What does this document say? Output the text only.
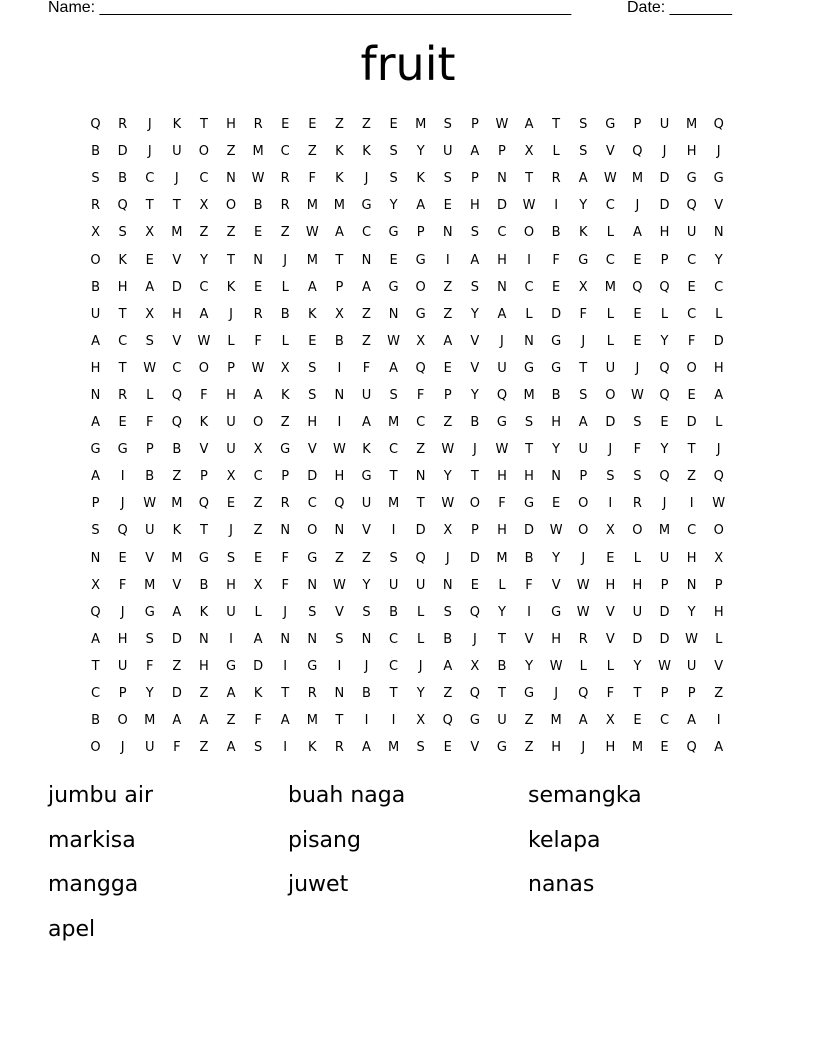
Name: _____________________________________________________	Date: _______
fruit
Q	R	J	K	T	H	R	E	E	Z	Z	E	M	S	P	W	A	T	S	G	P	U	M	Q
B	D	J	U	O	Z	M	C	Z	K	K	S	Y	U	A	P	X	L	S	V	Q	J	H	J
S	B	C	J	C	N	W	R	F	K	J	S	K	S	P	N	T	R	A	W	M	D	G	G
R	Q	T	T	X	O	B	R	M	M	G	Y	A	E	H	D	W	I	Y	C	J	D	Q	V
X	S	X	M	Z	Z	E	Z	W	A	C	G	P	N	S	C	O	B	K	L	A	H	U	N
O	K	E	V	Y	T	N	J	M	T	N	E	G	I	A	H	I	F	G	C	E	P	C	Y
B	H	A	D	C	K	E	L	A	P	A	G	O	Z	S	N	C	E	X	M	Q	Q	E	C
U	T	X	H	A	J	R	B	K	X	Z	N	G	Z	Y	A	L	D	F	L	E	L	C	L
A	C	S	V	W	L	F	L	E	B	Z	W	X	A	V	J	N	G	J	L	E	Y	F	D
H	T	W	C	O	P	W	X	S	I	F	A	Q	E	V	U	G	G	T	U	J	Q	O	H
N	R	L	Q	F	H	A	K	S	N	U	S	F	P	Y	Q	M	B	S	O	W	Q	E	A
A	E	F	Q	K	U	O	Z	H	I	A	M	C	Z	B	G	S	H	A	D	S	E	D	L
G	G	P	B	V	U	X	G	V	W	K	C	Z	W	J	W	T	Y	U	J	F	Y	T	J
A	I	B	Z	P	X	C	P	D	H	G	T	N	Y	T	H	H	N	P	S	S	Q	Z	Q
P	J	W	M	Q	E	Z	R	C	Q	U	M	T	W	O	F	G	E	O	I	R	J	I	W
S	Q	U	K	T	J	Z	N	O	N	V	I	D	X	P	H	D	W	O	X	O	M	C	O
N	E	V	M	G	S	E	F	G	Z	Z	S	Q	J	D	M	B	Y	J	E	L	U	H	X
X	F	M	V	B	H	X	F	N	W	Y	U	U	N	E	L	F	V	W	H	H	P	N	P
Q	J	G	A	K	U	L	J	S	V	S	B	L	S	Q	Y	I	G	W	V	U	D	Y	H
A	H	S	D	N	I	A	N	N	S	N	C	L	B	J	T	V	H	R	V	D	D	W	L
T	U	F	Z	H	G	D	I	G	I	J	C	J	A	X	B	Y	W	L	L	Y	W	U	V
C	P	Y	D	Z	A	K	T	R	N	B	T	Y	Z	Q	T	G	J	Q	F	T	P	P	Z
B	O	M	A	A	Z	F	A	M	T	I	I	X	Q	G	U	Z	M	A	X	E	C	A	I
O	J	U	F	Z	A	S	I	K	R	A	M	S	E	V	G	Z	H	J	H	M	E	Q	A
jumbu air	buah naga	semangka
markisa	pisang	kelapa
mangga	juwet	nanas
apel
